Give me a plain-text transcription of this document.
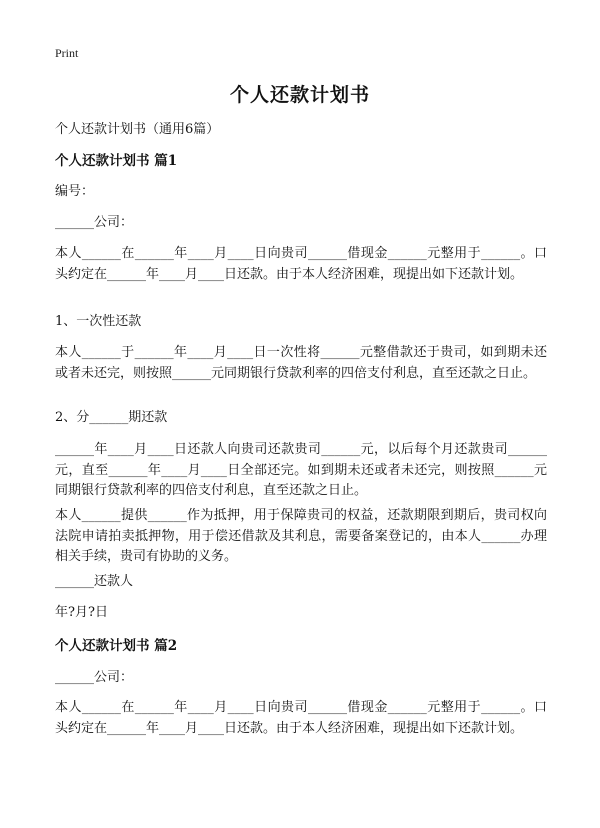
Print
个人还款计划书
个人还款计划书（通用6篇）
个人还款计划书 篇1
编号：
______公司：
本人______在______年____月____日向贵司______借现金______元整用于______。口头约定在______年____月____日还款。由于本人经济困难，现提出如下还款计划。
1、一次性还款
本人______于______年____月____日一次性将______元整借款还于贵司，如到期未还或者未还完，则按照______元同期银行贷款利率的四倍支付利息，直至还款之日止。
2、分______期还款
______年____月____日还款人向贵司还款贵司______元，以后每个月还款贵司______元，直至______年____月____日全部还完。如到期未还或者未还完，则按照______元同期银行贷款利率的四倍支付利息，直至还款之日止。
本人______提供______作为抵押，用于保障贵司的权益，还款期限到期后，贵司权向法院申请拍卖抵押物，用于偿还借款及其利息，需要备案登记的，由本人______办理相关手续，贵司有协助的义务。
______还款人
年?月?日
个人还款计划书 篇2
______公司：
本人______在______年____月____日向贵司______借现金______元整用于______。口头约定在______年____月____日还款。由于本人经济困难，现提出如下还款计划。
